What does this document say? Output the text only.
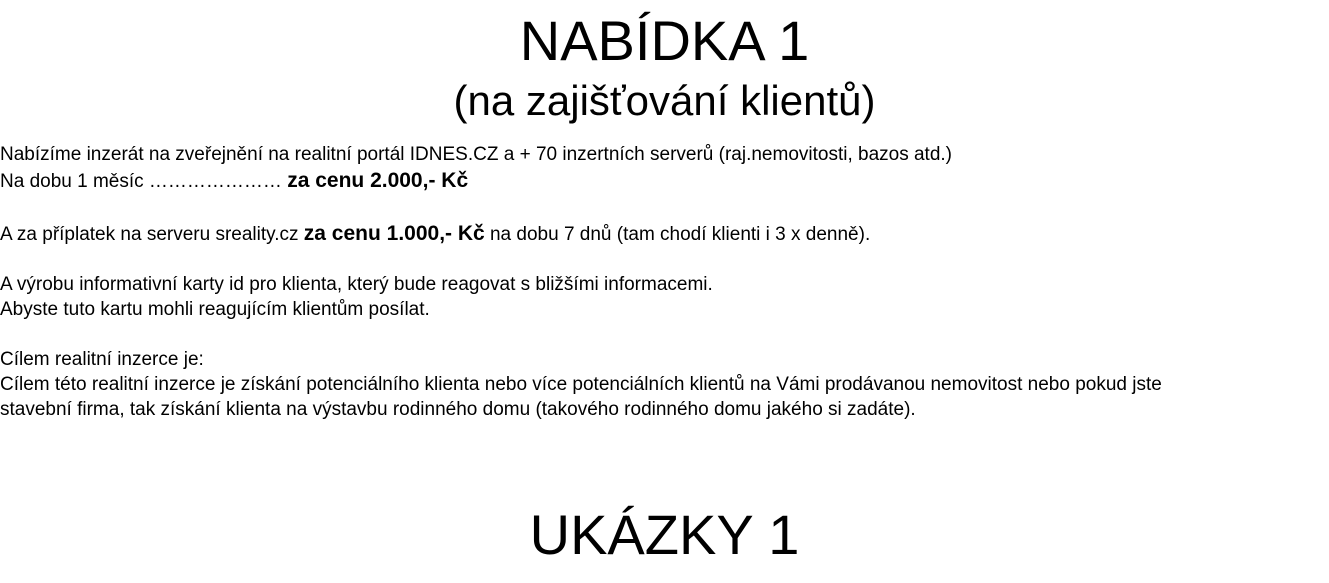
NABÍDKA 1
(na zajišťování klientů)

Nabízíme inzerát na zveřejnění na realitní portál IDNES.CZ a + 70 inzertních serverů (raj.nemovitosti, bazos atd.)

Na dobu 1 měsíc ………………… za cenu 2.000,- Kč

A za příplatek na serveru sreality.cz za cenu 1.000,- Kč na dobu 7 dnů (tam chodí klienti i 3 x denně).

A výrobu informativní karty id pro klienta, který bude reagovat s bližšími informacemi.

Abyste tuto kartu mohli reagujícím klientům posílat.

Cílem realitní inzerce je:

Cílem této realitní inzerce je získání potenciálního klienta nebo více potenciálních klientů na Vámi prodávanou nemovitost nebo pokud jste

stavební firma, tak získání klienta na výstavbu rodinného domu (takového rodinného domu jakého si zadáte).

UKÁZKY 1
